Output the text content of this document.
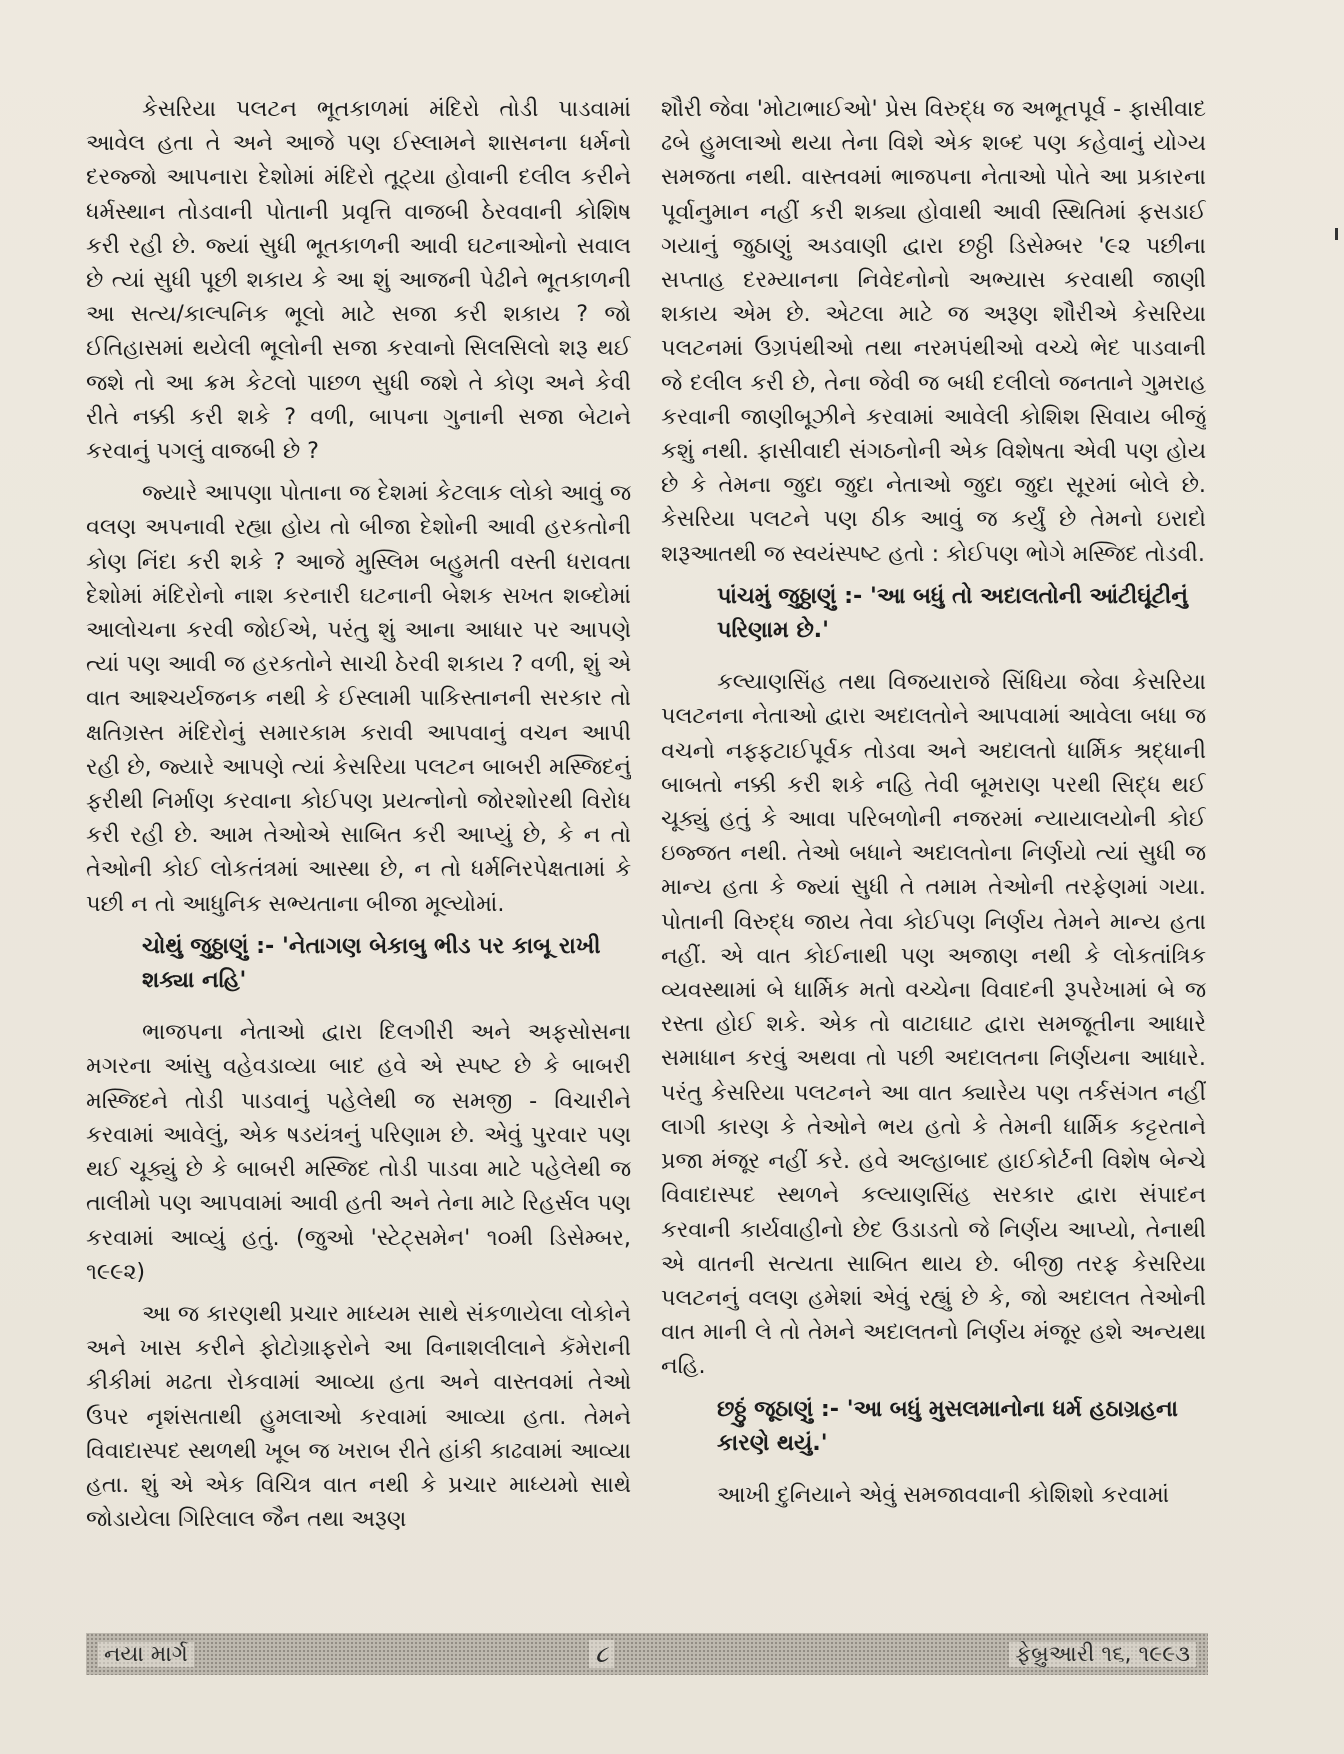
કેસરિયા પલટન ભૂતકાળમાં મંદિરો તોડી પાડવામાં આવેલ હતા તે અને આજે પણ ઈસ્લામને શાસનના ધર્મનો દરજ્જો આપનારા દેશોમાં મંદિરો તૂટ્યા હોવાની દલીલ કરીને ધર્મસ્થાન તોડવાની પોતાની પ્રવૃત્તિ વાજબી ઠેરવવાની કોશિષ કરી રહી છે. જ્યાં સુધી ભૂતકાળની આવી ઘટનાઓનો સવાલ છે ત્યાં સુધી પૂછી શકાય કે આ શું આજની પેઢીને ભૂતકાળની આ સત્ય/કાલ્પનિક ભૂલો માટે સજા કરી શકાય ? જો ઈતિહાસમાં થયેલી ભૂલોની સજા કરવાનો સિલસિલો શરૂ થઈ જશે તો આ ક્રમ કેટલો પાછળ સુધી જશે તે કોણ અને કેવી રીતે નક્કી કરી શકે ? વળી, બાપના ગુનાની સજા બેટાને કરવાનું પગલું વાજબી છે ?

જ્યારે આપણા પોતાના જ દેશમાં કેટલાક લોકો આવું જ વલણ અપનાવી રહ્યા હોય તો બીજા દેશોની આવી હરકતોની કોણ નિંદા કરી શકે ? આજે મુસ્લિમ બહુમતી વસ્તી ધરાવતા દેશોમાં મંદિરોનો નાશ કરનારી ઘટનાની બેશક સખત શબ્દોમાં આલોચના કરવી જોઈએ, પરંતુ શું આના આધાર પર આપણે ત્યાં પણ આવી જ હરકતોને સાચી ઠેરવી શકાય ? વળી, શું એ વાત આશ્ચર્યજનક નથી કે ઈસ્લામી પાકિસ્તાનની સરકાર તો ક્ષતિગ્રસ્ત મંદિરોનું સમારકામ કરાવી આપવાનું વચન આપી રહી છે, જ્યારે આપણે ત્યાં કેસરિયા પલટન બાબરી મસ્જિદનું ફરીથી નિર્માણ કરવાના કોઈપણ પ્રયત્નોનો જોરશોરથી વિરોધ કરી રહી છે. આમ તેઓએ સાબિત કરી આપ્યું છે, કે ન તો તેઓની કોઈ લોકતંત્રમાં આસ્થા છે, ન તો ધર્મનિરપેક્ષતામાં કે પછી ન તો આધુનિક સભ્યતાના બીજા મૂલ્યોમાં.

ચોથું જુઠ્ઠાણું :- 'નેતાગણ બેકાબુ ભીડ પર કાબૂ રાખી શક્યા નહિ'

ભાજપના નેતાઓ દ્વારા દિલગીરી અને અફસોસના મગરના આંસુ વહેવડાવ્યા બાદ હવે એ સ્પષ્ટ છે કે બાબરી મસ્જિદને તોડી પાડવાનું પહેલેથી જ સમજી - વિચારીને કરવામાં આવેલું, એક ષડયંત્રનું પરિણામ છે. એવું પુરવાર પણ થઈ ચૂક્યું છે કે બાબરી મસ્જિદ તોડી પાડવા માટે પહેલેથી જ તાલીમો પણ આપવામાં આવી હતી અને તેના માટે રિહર્સલ પણ કરવામાં આવ્યું હતું. (જુઓ 'સ્ટેટ્સમેન' ૧૦મી ડિસેમ્બર, ૧૯૯૨)

આ જ કારણથી પ્રચાર માધ્યમ સાથે સંકળાયેલા લોકોને અને ખાસ કરીને ફોટોગ્રાફરોને આ વિનાશલીલાને કૅમેરાની કીકીમાં મઢતા રોકવામાં આવ્યા હતા અને વાસ્તવમાં તેઓ ઉપર નૃશંસતાથી હુમલાઓ કરવામાં આવ્યા હતા. તેમને વિવાદાસ્પદ સ્થળથી ખૂબ જ ખરાબ રીતે હાંકી કાઢવામાં આવ્યા હતા. શું એ એક વિચિત્ર વાત નથી કે પ્રચાર માધ્યમો સાથે જોડાયેલા ગિરિલાલ જૈન તથા અરૂણ

શૌરી જેવા 'મોટાભાઈઓ' પ્રેસ વિરુદ્ધ જ અભૂતપૂર્વ - ફાસીવાદ ઢબે હુમલાઓ થયા તેના વિશે એક શબ્દ પણ કહેવાનું યોગ્ય સમજતા નથી. વાસ્તવમાં ભાજપના નેતાઓ પોતે આ પ્રકારના પૂર્વાનુમાન નહીં કરી શક્યા હોવાથી આવી સ્થિતિમાં ફસડાઈ ગયાનું જુઠાણું અડવાણી દ્વારા છઠ્ઠી ડિસેમ્બર '૯૨ પછીના સપ્તાહ દરમ્યાનના નિવેદનોનો અભ્યાસ કરવાથી જાણી શકાય એમ છે. એટલા માટે જ અરૂણ શૌરીએ કેસરિયા પલટનમાં ઉગ્રપંથીઓ તથા નરમપંથીઓ વચ્ચે ભેદ પાડવાની જે દલીલ કરી છે, તેના જેવી જ બધી દલીલો જનતાને ગુમરાહ કરવાની જાણીબૂઝીને કરવામાં આવેલી કોશિશ સિવાય બીજું કશું નથી. ફાસીવાદી સંગઠનોની એક વિશેષતા એવી પણ હોય છે કે તેમના જુદા જુદા નેતાઓ જુદા જુદા સૂરમાં બોલે છે. કેસરિયા પલટને પણ ઠીક આવું જ કર્યું છે તેમનો ઇરાદો શરૂઆતથી જ સ્વયંસ્પષ્ટ હતો : કોઈપણ ભોગે મસ્જિદ તોડવી.

પાંચમું જુઠ્ઠાણું :- 'આ બધું તો અદાલતોની આંટીઘૂંટીનું પરિણામ છે.'

કલ્યાણસિંહ તથા વિજયારાજે સિંધિયા જેવા કેસરિયા પલટનના નેતાઓ દ્વારા અદાલતોને આપવામાં આવેલા બધા જ વચનો નફ્ફટાઈપૂર્વક તોડવા અને અદાલતો ધાર્મિક શ્રદ્ધાની બાબતો નક્કી કરી શકે નહિ તેવી બૂમરાણ પરથી સિદ્ધ થઈ ચૂક્યું હતું કે આવા પરિબળોની નજરમાં ન્યાયાલયોની કોઈ ઇજ્જત નથી. તેઓ બધાને અદાલતોના નિર્ણયો ત્યાં સુધી જ માન્ય હતા કે જ્યાં સુધી તે તમામ તેઓની તરફેણમાં ગયા. પોતાની વિરુદ્ધ જાય તેવા કોઈપણ નિર્ણય તેમને માન્ય હતા નહીં. એ વાત કોઈનાથી પણ અજાણ નથી કે લોકતાંત્રિક વ્યવસ્થામાં બે ધાર્મિક મતો વચ્ચેના વિવાદની રૂપરેખામાં બે જ રસ્તા હોઈ શકે. એક તો વાટાઘાટ દ્વારા સમજૂતીના આધારે સમાધાન કરવું અથવા તો પછી અદાલતના નિર્ણયના આધારે. પરંતુ કેસરિયા પલટનને આ વાત ક્યારેય પણ તર્કસંગત નહીં લાગી કારણ કે તેઓને ભય હતો કે તેમની ધાર્મિક કટ્ટરતાને પ્રજા મંજૂર નહીં કરે. હવે અલ્હાબાદ હાઈકોર્ટની વિશેષ બેન્ચે વિવાદાસ્પદ સ્થળને કલ્યાણસિંહ સરકાર દ્વારા સંપાદન કરવાની કાર્યવાહીનો છેદ ઉડાડતો જે નિર્ણય આપ્યો, તેનાથી એ વાતની સત્યતા સાબિત થાય છે. બીજી તરફ કેસરિયા પલટનનું વલણ હમેશાં એવું રહ્યું છે કે, જો અદાલત તેઓની વાત માની લે તો તેમને અદાલતનો નિર્ણય મંજૂર હશે અન્યથા નહિ.

છઠ્ઠું જૂઠાણું :- 'આ બધું મુસલમાનોના ધર્મ હઠાગ્રહના કારણે થયું.'

આખી દુનિયાને એવું સમજાવવાની કોશિશો કરવામાં

નયા માર્ગ	૮	ફેબ્રુઆરી ૧૬, ૧૯૯૩
